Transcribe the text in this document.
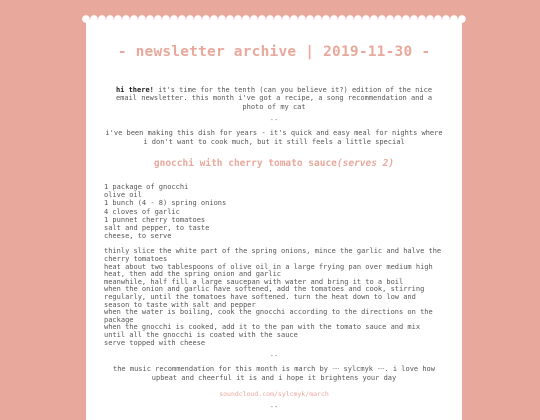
- newsletter archive | 2019-11-30 -

hi there! it's time for the tenth (can you believe it?) edition of the nice email newsletter. this month i've got a recipe, a song recommendation and a photo of my cat

--

i've been making this dish for years - it's quick and easy meal for nights where i don't want to cook much, but it still feels a little special

gnocchi with cherry tomato sauce(serves 2)
1 package of gnocchi
olive oil
1 bunch (4 - 8) spring onions
4 cloves of garlic
1 punnet cherry tomatoes
salt and pepper, to taste
cheese, to serve
thinly slice the white part of the spring onions, mince the garlic and halve the cherry tomatoes
heat about two tablespoons of olive oil in a large frying pan over medium high heat, then add the spring onion and garlic
meanwhile, half fill a large saucepan with water and bring it to a boil
when the onion and garlic have softened, add the tomatoes and cook, stirring regularly, until the tomatoes have softened. turn the heat down to low and season to taste with salt and pepper
when the water is boiling, cook the gnocchi according to the directions on the package
when the gnocchi is cooked, add it to the pan with the tomato sauce and mix until all the gnocchi is coated with the sauce
serve topped with cheese
--

the music recommendation for this month is march by ᐧᐧᐧᐧ sylcmyk ᐧᐧᐧᐧ. i love how upbeat and cheerful it is and i hope it brightens your day

soundcloud.com/sylcmyk/march
--
